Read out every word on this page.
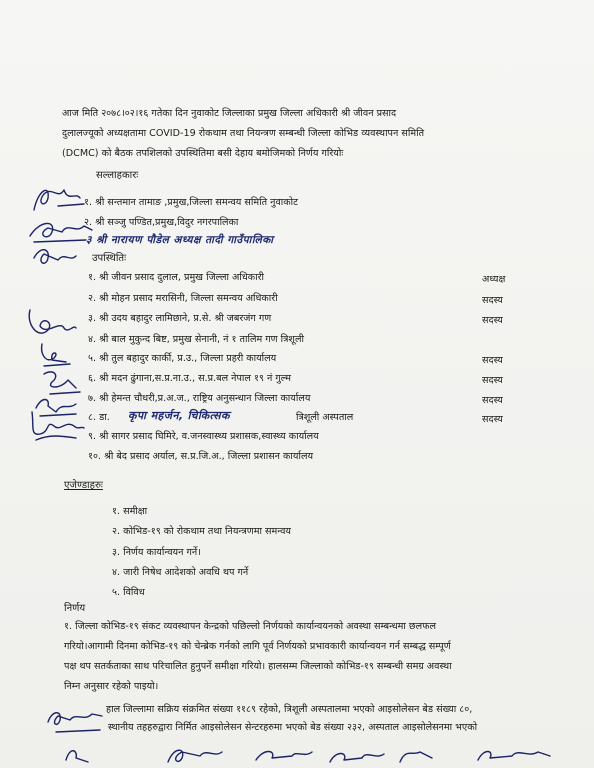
आज मिति २०७८।०२।१६ गतेका दिन नुवाकोट जिल्लाका प्रमुख जिल्ला अधिकारी श्री जीवन प्रसाद
दुलालज्यूको अध्यक्षतामा COVID-19 रोकथाम तथा नियन्त्रण सम्बन्धी जिल्ला कोभिड व्यवस्थापन समिति
(DCMC) को बैठक तपशिलको उपस्थितिमा बसी देहाय बमोजिमको निर्णय गरियोः
सल्लाहकारः
१. श्री सन्तमान तामाङ ,प्रमुख,जिल्ला समन्वय समिति नुवाकोट
२. श्री सञ्जु पण्डित,प्रमुख,विदुर नगरपालिका
३ श्री नारायण पौडेल अध्यक्ष तादी गाउँपालिका
उपस्थितिः
१. श्री जीवन प्रसाद दुलाल, प्रमुख जिल्ला अधिकारी	अध्यक्ष
२. श्री मोहन प्रसाद मरासिनी, जिल्ला समन्वय अधिकारी	सदस्य
३. श्री उदय बहादुर लामिछाने, प्र.से. श्री जबरजंग गण	सदस्य
४. श्री बाल मुकुन्द बिष्ट, प्रमुख सेनानी, नं १ तालिम गण त्रिशूली
५. श्री तुल बहादुर कार्की, प्र.उ., जिल्ला प्रहरी कार्यालय	सदस्य
६. श्री मदन ढुंगाना,स.प्र.ना.उ., स.प्र.बल नेपाल १९ नं गुल्म	सदस्य
७. श्री हेमन्त चौधरी,प्र.अ.ज., राष्ट्रिय अनुसन्धान जिल्ला कार्यालय	सदस्य
८. डा. कृपा महर्जन, चिकित्सक	त्रिशूली अस्पताल	सदस्य
९. श्री सागर प्रसाद घिमिरे, व.जनस्वास्थ्य प्रशासक,स्वास्थ्य कार्यालय
१०. श्री बेद प्रसाद अर्याल, स.प्र.जि.अ., जिल्ला प्रशासन कार्यालय
एजेण्डाहरुः
१. समीक्षा
२. कोभिड-१९ को रोकथाम तथा नियन्त्रणमा समन्वय
३. निर्णय कार्यान्वयन गर्ने।
४. जारी निषेध आदेशको अवधि थप गर्ने
५. विविध
निर्णय
१. जिल्ला कोभिड-१९ संकट व्यवस्थापन केन्द्रको पछिल्लो निर्णयको कार्यान्वयनको अवस्था सम्बन्धमा छलफल
गरियो।आगामी दिनमा कोभिड-१९ को चेन्ब्रेक गर्नको लागि पूर्व निर्णयको प्रभावकारी कार्यान्वयन गर्न सम्बद्ध सम्पूर्ण
पक्ष थप सतर्कताका साथ परिचालित हुनुपर्ने समीक्षा गरियो। हालसम्म जिल्लाको कोभिड-१९ सम्बन्धी समग्र अवस्था
निम्न अनुसार रहेको पाइयो।
हाल जिल्लामा सक्रिय संक्रमित संख्या ११८९ रहेको, त्रिशूली अस्पतालमा भएको आइसोलेसन बेड संख्या ८०,
स्थानीय तहहरुद्वारा निर्मित आइसोलेसन सेन्टरहरुमा भएको बेड संख्या २३२, अस्पताल आइसोलेसनमा भएको
